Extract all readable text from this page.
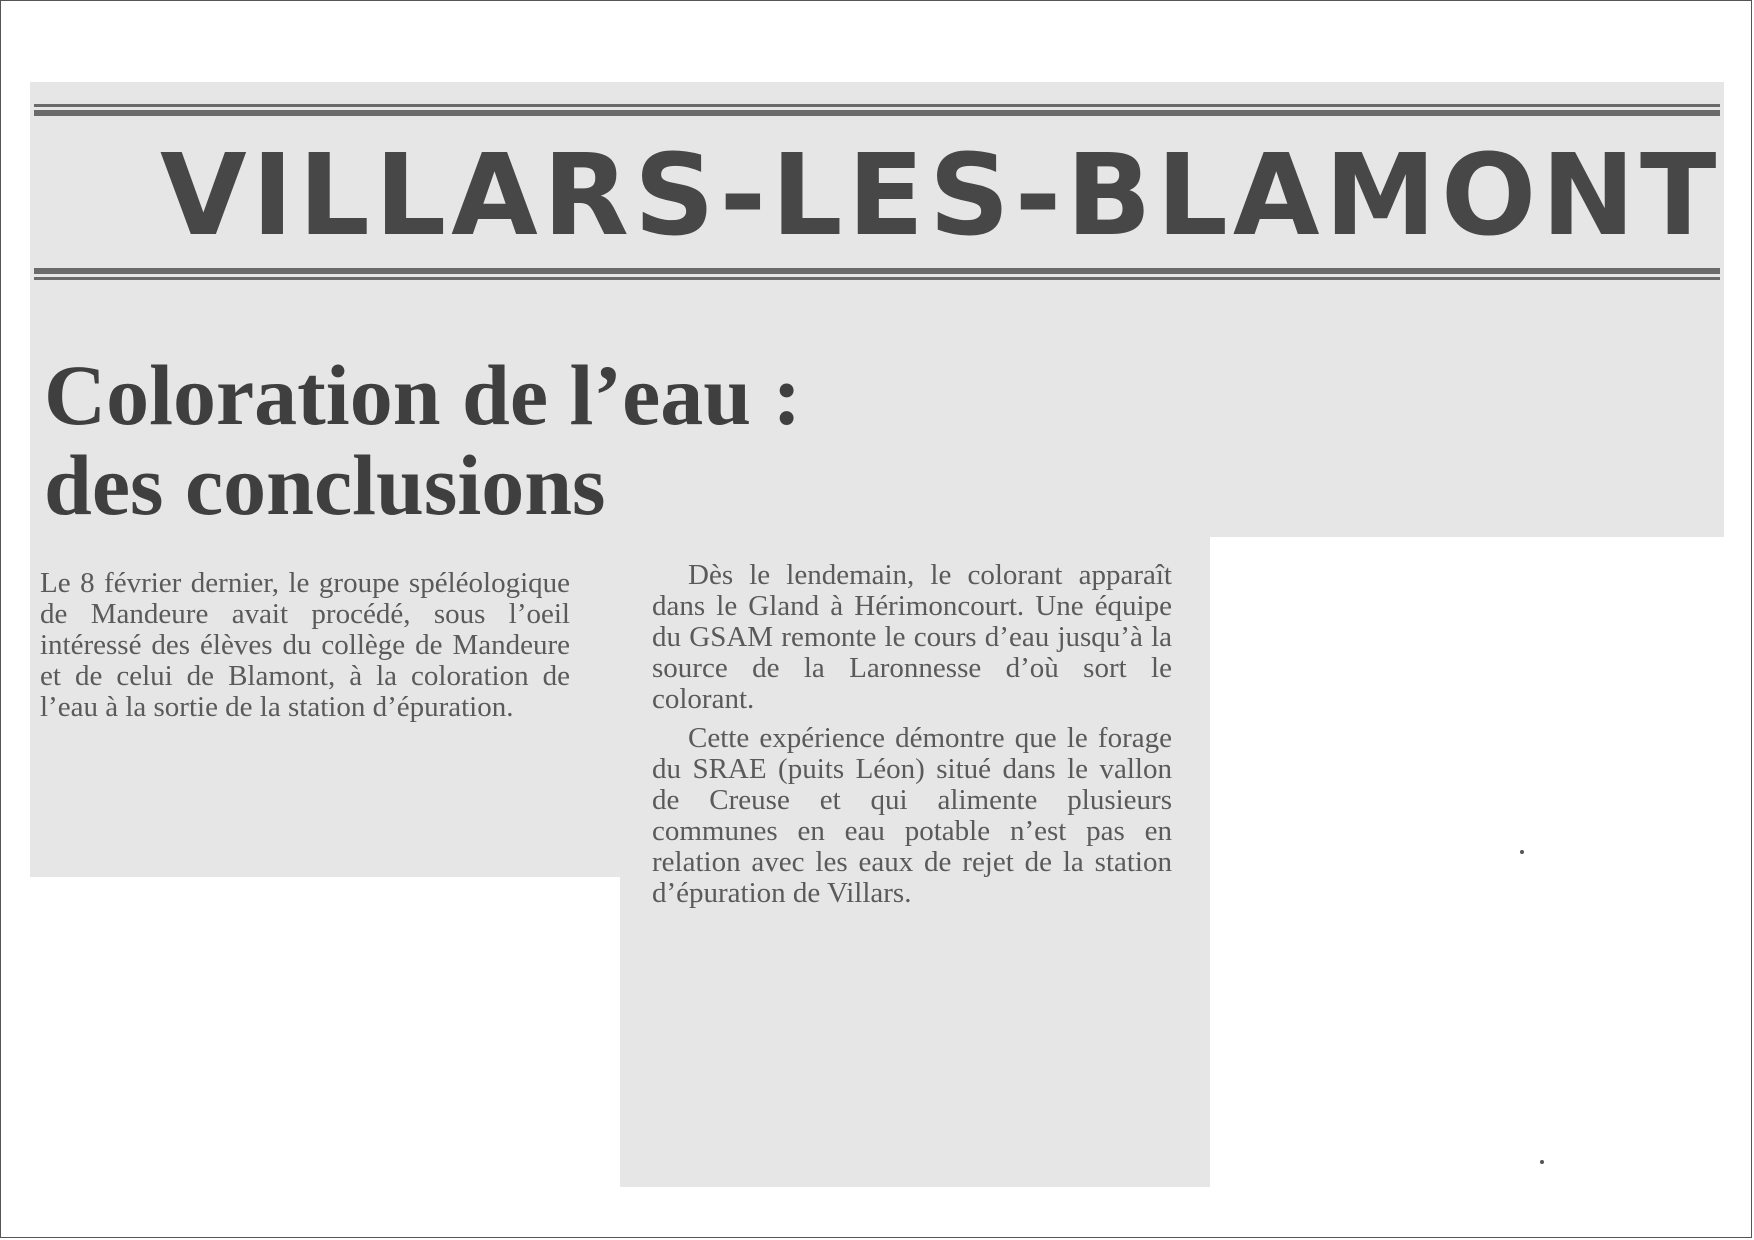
VILLARS-LES-BLAMONT
Coloration de l’eau :
des conclusions

Le 8 février dernier, le groupe spéléologique de Mandeure avait procédé, sous l’oeil intéressé des élèves du collège de Mandeure et de celui de Blamont, à la coloration de l’eau à la sortie de la station d’épuration.

Dès le lendemain, le colorant apparaît dans le Gland à Hérimoncourt. Une équipe du GSAM remonte le cours d’eau jusqu’à la source de la Laronnesse d’où sort le colorant.

Cette expérience démontre que le forage du SRAE (puits Léon) situé dans le vallon de Creuse et qui alimente plusieurs communes en eau potable n’est pas en relation avec les eaux de rejet de la station d’épuration de Villars.
